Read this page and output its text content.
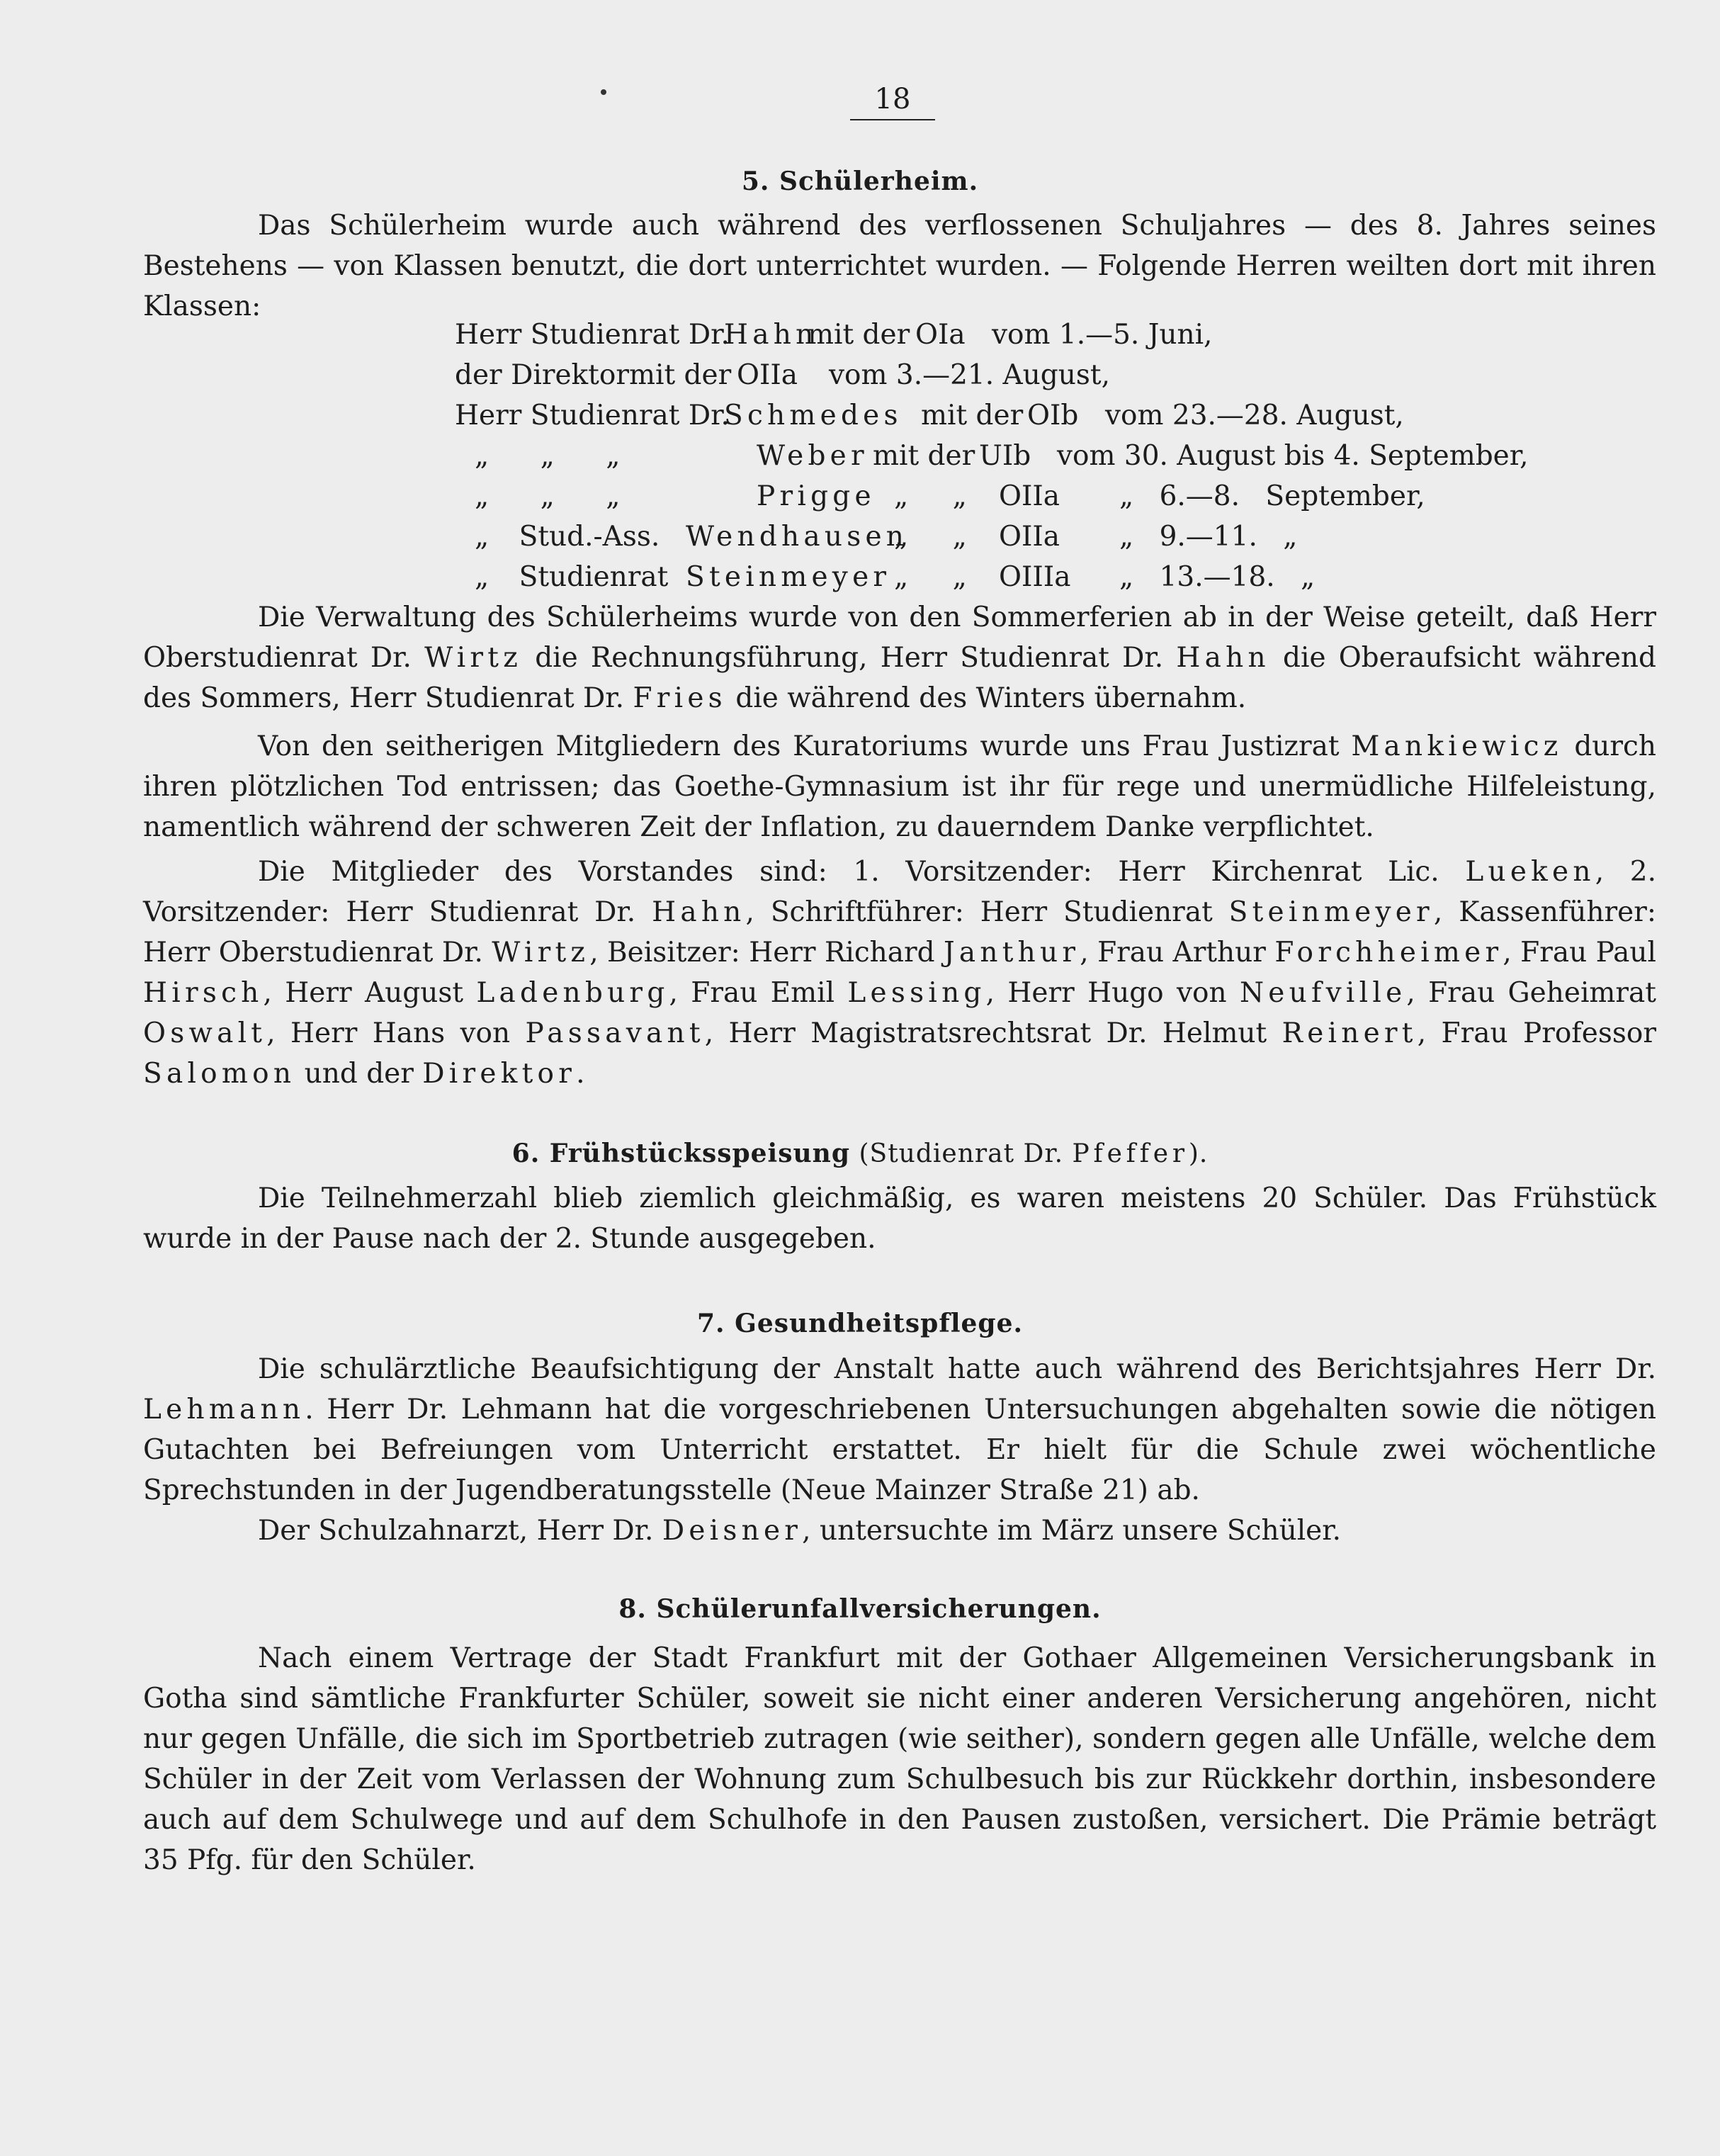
18
5. Schülerheim.

Das Schülerheim wurde auch während des verflossenen Schuljahres — des 8. Jahres seines Bestehens — von Klassen benutzt, die dort unterrichtet wurden. — Folgende Herren weilten dort mit ihren Klassen:

Herr Studienrat Dr.
Hahn
mit der OIa vom 1.—5. Juni,
der Direktor mit der OIIa vom 3.—21. August,
Herr Studienrat Dr.
Schmedes mit der OIb vom 23.—28. August,
„ „ „	Weber mit der UIb vom 30. August bis 4. September,
„ „ „	Prigge „ „ OIIa „ 6.—8. September,
„ Stud.-Ass. Wendhausen
„ „ OIIa „ 9.—11. „
„ Studienrat Steinmeyer „ „ OIIIa „ 13.—18. „

Die Verwaltung des Schülerheims wurde von den Sommerferien ab in der Weise geteilt, daß Herr Oberstudienrat Dr. Wirtz die Rechnungsführung, Herr Studienrat Dr. Hahn die Oberaufsicht während des Sommers, Herr Studienrat Dr. Fries die während des Winters übernahm.

Von den seitherigen Mitgliedern des Kuratoriums wurde uns Frau Justizrat Mankiewicz durch ihren plötzlichen Tod entrissen; das Goethe-Gymnasium ist ihr für rege und unermüdliche Hilfeleistung, namentlich während der schweren Zeit der Inflation, zu dauerndem Danke verpflichtet.

Die Mitglieder des Vorstandes sind: 1. Vorsitzender: Herr Kirchenrat Lic. Lueken, 2. Vorsitzender: Herr Studienrat Dr. Hahn, Schriftführer: Herr Studienrat Steinmeyer, Kassenführer: Herr Oberstudienrat Dr. Wirtz, Beisitzer: Herr Richard Janthur, Frau Arthur Forchheimer, Frau Paul Hirsch, Herr August Ladenburg, Frau Emil Lessing, Herr Hugo von Neufville, Frau Geheimrat Oswalt, Herr Hans von Passavant, Herr Magistratsrechtsrat Dr. Helmut Reinert, Frau Professor Salomon und der Direktor.

6. Frühstücksspeisung (Studienrat Dr. Pfeffer).

Die Teilnehmerzahl blieb ziemlich gleichmäßig, es waren meistens 20 Schüler. Das Frühstück wurde in der Pause nach der 2. Stunde ausgegeben.

7. Gesundheitspflege.

Die schulärztliche Beaufsichtigung der Anstalt hatte auch während des Berichtsjahres Herr Dr. Lehmann. Herr Dr. Lehmann hat die vorgeschriebenen Untersuchungen abgehalten sowie die nötigen Gutachten bei Befreiungen vom Unterricht erstattet. Er hielt für die Schule zwei wöchentliche Sprechstunden in der Jugendberatungsstelle (Neue Mainzer Straße 21) ab.

Der Schulzahnarzt, Herr Dr. Deisner, untersuchte im März unsere Schüler.

8. Schülerunfallversicherungen.

Nach einem Vertrage der Stadt Frankfurt mit der Gothaer Allgemeinen Versicherungsbank in Gotha sind sämtliche Frankfurter Schüler, soweit sie nicht einer anderen Versicherung angehören, nicht nur gegen Unfälle, die sich im Sportbetrieb zutragen (wie seither), sondern gegen alle Unfälle, welche dem Schüler in der Zeit vom Verlassen der Wohnung zum Schulbesuch bis zur Rückkehr dorthin, insbesondere auch auf dem Schulwege und auf dem Schulhofe in den Pausen zustoßen, versichert. Die Prämie beträgt 35 Pfg. für den Schüler.
